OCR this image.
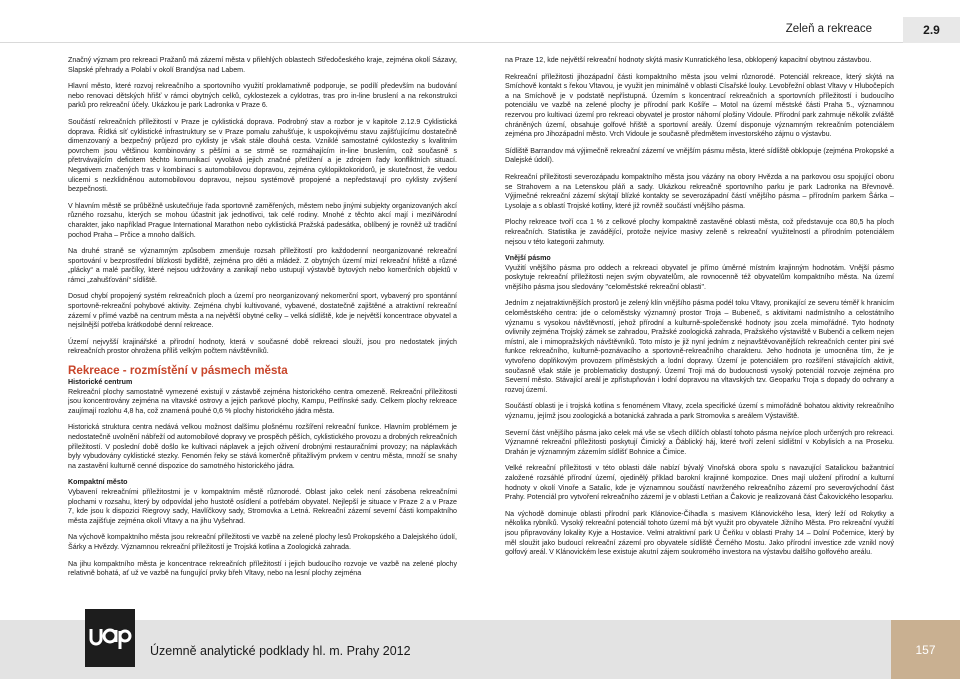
Zeleň a rekreace	2.9

Značný význam pro rekreaci Pražanů má zázemí města v přilehlých oblastech Středočeského kraje, zejména okolí Sázavy, Slapské přehrady a Polabí v okolí Brandýsa nad Labem.

Hlavní město, které rozvoj rekreačního a sportovního využití proklamativně podporuje, se podílí především na budování nebo renovaci dětských hřišť v rámci obytných celků, cyklostezek a cyklotras, tras pro in-line bruslení a na rekonstrukci parků pro rekreační účely. Ukázkou je park Ladronka v Praze 6.

Součástí rekreačních příležitostí v Praze je cyklistická doprava. Podrobný stav a rozbor je v kapitole 2.12.9 Cyklistická doprava. Řídká síť cyklistické infrastruktury se v Praze pomalu zahušťuje, k uspokojivému stavu zajišťujícímu dostatečně dimenzovaný a bezpečný průjezd pro cyklisty je však stále dlouhá cesta. Vzniklé samostatné cyklostezky s kvalitním povrchem jsou většinou kombinovány s pěšími a se strmě se rozmáhajícím in-line bruslením, což současně s přetrvávajícím deficitem těchto komunikací vyvolává jejich značné přetížení a je zdrojem řady konfliktních situací. Negativem značených tras v kombinaci s automobilovou dopravou, zejména cyklopiktokoridorů, je skutečnost, že vedou ulicemi s nezklidněnou automobilovou dopravou, nejsou systémově propojené a nepředstavují pro cyklisty zvýšení bezpečnosti.

V hlavním městě se průběžně uskutečňuje řada sportovně zaměřených, městem nebo jinými subjekty organizovaných akcí různého rozsahu, kterých se mohou účastnit jak jednotlivci, tak celé rodiny. Mnohé z těchto akcí mají i meziNárodní charakter, jako například Prague International Marathon nebo cyklistická Pražská padesátka, oblíbený je rovněž už tradiční pochod Praha – Prčice a mnoho dalších.

Na druhé straně se významným způsobem zmenšuje rozsah příležitostí pro každodenní neorganizované rekreační sportování v bezprostřední blízkosti bydliště, zejména pro děti a mládež. Z obytných území mizí rekreační hřiště a různé „plácky“ a malé parčíky, které nejsou udržovány a zanikají nebo ustupují výstavbě bytových nebo komerčních objektů v rámci „zahušťování“ sídliště.

Dosud chybí propojený systém rekreačních ploch a území pro neorganizovaný nekomerční sport, vybavený pro spontánní sportovně-rekreační pohybové aktivity. Zejména chybí kultivované, vybavené, dostatečně zajištěné a atraktivní rekreační zázemí v přímé vazbě na centrum města a na největší obytné celky – velká sídliště, kde je největší koncentrace obyvatel a nejsilnější potřeba krátkodobé denní rekreace.

Území nejvyšší krajinářské a přírodní hodnoty, která v současné době rekreaci slouží, jsou pro nedostatek jiných rekreačních prostor ohrožena příliš velkým počtem návštěvníků.

Rekreace - rozmístění v pásmech města
Historické centrum

Rekreační plochy samostatně vymezené existují v zástavbě zejména historického centra omezeně. Rekreační příležitosti jsou koncentrovány zejména na vltavské ostrovy a jejich parkové plochy, Kampu, Petřínské sady. Celkem plochy rekreace zaujímají rozlohu 4,8 ha, což znamená pouhé 0,6 % plochy historického jádra města.

Historická struktura centra nedává velkou možnost dalšímu plošnému rozšíření rekreační funkce. Hlavním problémem je nedostatečně uvolnění nábřeží od automobilové dopravy ve prospěch pěších, cyklistického provozu a drobných rekreačních příležitostí. V poslední době došlo ke kultivaci náplavek a jejich oživení drobnými restauračními provozy; na náplavkách byly vybudovány cyklistické stezky. Fenomén řeky se stává komerčně přitažlivým prvkem v centru města, množí se snahy na zastavění kulturně cenné dispozice do samotného historického jádra.

Kompaktní město

Vybavení rekreačními příležitostmi je v kompaktním městě různorodé. Oblast jako celek není zásobena rekreačními plochami v rozsahu, který by odpovídal jeho hustotě osídlení a potřebám obyvatel. Nejlepší je situace v Praze 2 a v Praze 7, kde jsou k dispozici Riegrovy sady, Havlíčkovy sady, Stromovka a Letná. Rekreační zázemí severní části kompaktního města zajišťuje zejména okolí Vltavy a na jihu Vyšehrad.

Na výchově kompaktního města jsou rekreační příležitosti ve vazbě na zelené plochy lesů Prokopského a Dalejského údolí, Šárky a Hvězdy. Významnou rekreační příležitostí je Trojská kotlina a Zoologická zahrada.

Na jihu kompaktního města je koncentrace rekreačních příležitostí i jejich budoucího rozvoje ve vazbě na zelené plochy relativně bohatá, ať už ve vazbě na fungující prvky břeh Vltavy, nebo na lesní plochy zejména

na Praze 12, kde největší rekreační hodnoty skýtá masiv Kunratického lesa, obklopený kapacitní obytnou zástavbou.

Rekreační příležitosti jihozápadní části kompaktního města jsou velmi různorodé. Potenciál rekreace, který skýtá na Smíchově kontakt s řekou Vltavou, je využit jen minimálně v oblasti Císařské louky. Levobřežní oblast Vltavy v Hlubočepích a na Smíchově je v podstatě nepřístupná. Územím s koncentrací rekreačních a sportovních příležitostí i budoucího potenciálu ve vazbě na zelené plochy je přírodní park Košíře – Motol na území městské části Praha 5., významnou rezervou pro kultivaci území pro rekreaci obyvatel je prostor náhorní plošiny Vidoule. Přírodní park zahrnuje několik zvláště chráněných území, obsahuje golfové hřiště a sportovní areály. Území disponuje významným rekreačním potenciálem zejména pro Jihozápadní město. Vrch Vidoule je současně předmětem investorského zájmu o výstavbu.

Sídliště Barrandov má výjimečně rekreační zázemí ve vnějším pásmu města, které sídliště obklopuje (zejména Prokopské a Dalejské údolí).

Rekreační příležitosti severozápadu kompaktního města jsou vázány na obory Hvězda a na parkovou osu spojující oboru se Strahovem a na Letenskou pláň a sady. Ukázkou rekreačně sportovního parku je park Ladronka na Břevnově. Výjimečné rekreační zázemí skýtají blízké kontakty se severozápadní částí vnějšího pásma – přírodním parkem Šárka – Lysolaje a s oblastí Trojské kotliny, které již rovněž součástí vnějšího pásma.

Plochy rekreace tvoří cca 1 % z celkové plochy kompaktně zastavěné oblasti města, což představuje cca 80,5 ha ploch rekreačních. Statistika je zavádějící, protože nejvíce masivy zeleně s rekreační využitelností a přírodním potenciálem nejsou v této kategorii zahrnuty.

Vnější pásmo

Využití vnějšího pásma pro oddech a rekreaci obyvatel je přímo úměrné místním krajinným hodnotám. Vnější pásmo poskytuje rekreační příležitosti nejen svým obyvatelům, ale rovnocenně též obyvatelům kompaktního města. Na území vnějšího pásma jsou sledovány "celoměstské rekreační oblasti".

Jedním z nejatraktivnějších prostorů je zelený klín vnějšího pásma podél toku Vltavy, pronikající ze severu téměř k hranicím celoměstského centra: jde o celoměstsky významný prostor Troja – Bubeneč, s aktivitami nadmístního a celostátního významu s vysokou návštěvností, jehož přírodní a kulturně-společenské hodnoty jsou zcela mimořádné. Tyto hodnoty ovlivnily zejména Trojský zámek se zahradou, Pražské zoologická zahrada, Pražského výstaviště v Bubenči a celkem nejen místní, ale i mimopražských návštěvníků. Toto místo je již nyní jedním z nejnavštěvovanějších rekreačních center pini své funkce rekreačního, kulturně-poznávacího a sportovně-rekreačního charakteru. Jeho hodnota je umocněna tím, že je vytvořeno doplňkovým provozem příměstských a lodní dopravy. Území je potenciálem pro rozšíření stávajících aktivit, současně však stále je problematicky dostupný. Území Troji má do budoucnosti vysoký potenciál rozvoje zejména pro Severní město. Stávající areál je zpřístupňován i lodní dopravou na vltavských tzv. Geoparku Troja s dopady do ochrany a rozvoj území.

Součástí oblasti je i trojská kotlina s fenoménem Vltavy, zcela specifické území s mimořádně bohatou aktivity rekreačního významu, jejímž jsou zoologická a botanická zahrada a park Stromovka s areálem Výstaviště.

Severní část vnějšího pásma jako celek má vše se všech dílčích oblastí tohoto pásma nejvíce ploch určených pro rekreaci. Významné rekreační příležitosti poskytují Čimický a Ďáblický háj, které tvoří zelení sídlištní v Kobylisích a na Proseku. Drahán je významným zázemím sídlišť Bohnice a Čimice.

Velké rekreační příležitosti v této oblasti dále nabízí bývalý Vinořská obora spolu s navazující Satalickou bažantnicí založené rozsáhlé přírodní území, ojedinělý příklad barokní krajinné kompozice. Dnes mají uložení přírodní a kulturní hodnoty v okolí Vinoře a Satalic, kde je významnou součástí navrženého rekreačního zázemí pro severovýchodní část Prahy. Potenciál pro vytvoření rekreačního zázemí je v oblasti Letňan a Čakovic je realizovaná část Čakovického lesoparku.

Na východě dominuje oblasti přírodní park Klánovice-Čihadla s masivem Klánovického lesa, který leží od Rokytky a několika rybníků. Vysoký rekreační potenciál tohoto území má být využit pro obyvatele Jižního Města. Pro rekreační využití jsou připravovány lokality Kyje a Hostavice. Velmi atraktivní park U Čeňku v oblasti Prahy 14 – Dolní Počernice, který by měl sloužit jako budoucí rekreační zázemí pro obyvatele sídliště Černého Mostu. Jako přírodní investice zde vznikl nový golfový areál. V Klánovickém lese existuje akutní zájem soukromého investora na výstavbu dalšího golfového areálu.

Územně analytické podklady hl. m. Prahy 2012	157
